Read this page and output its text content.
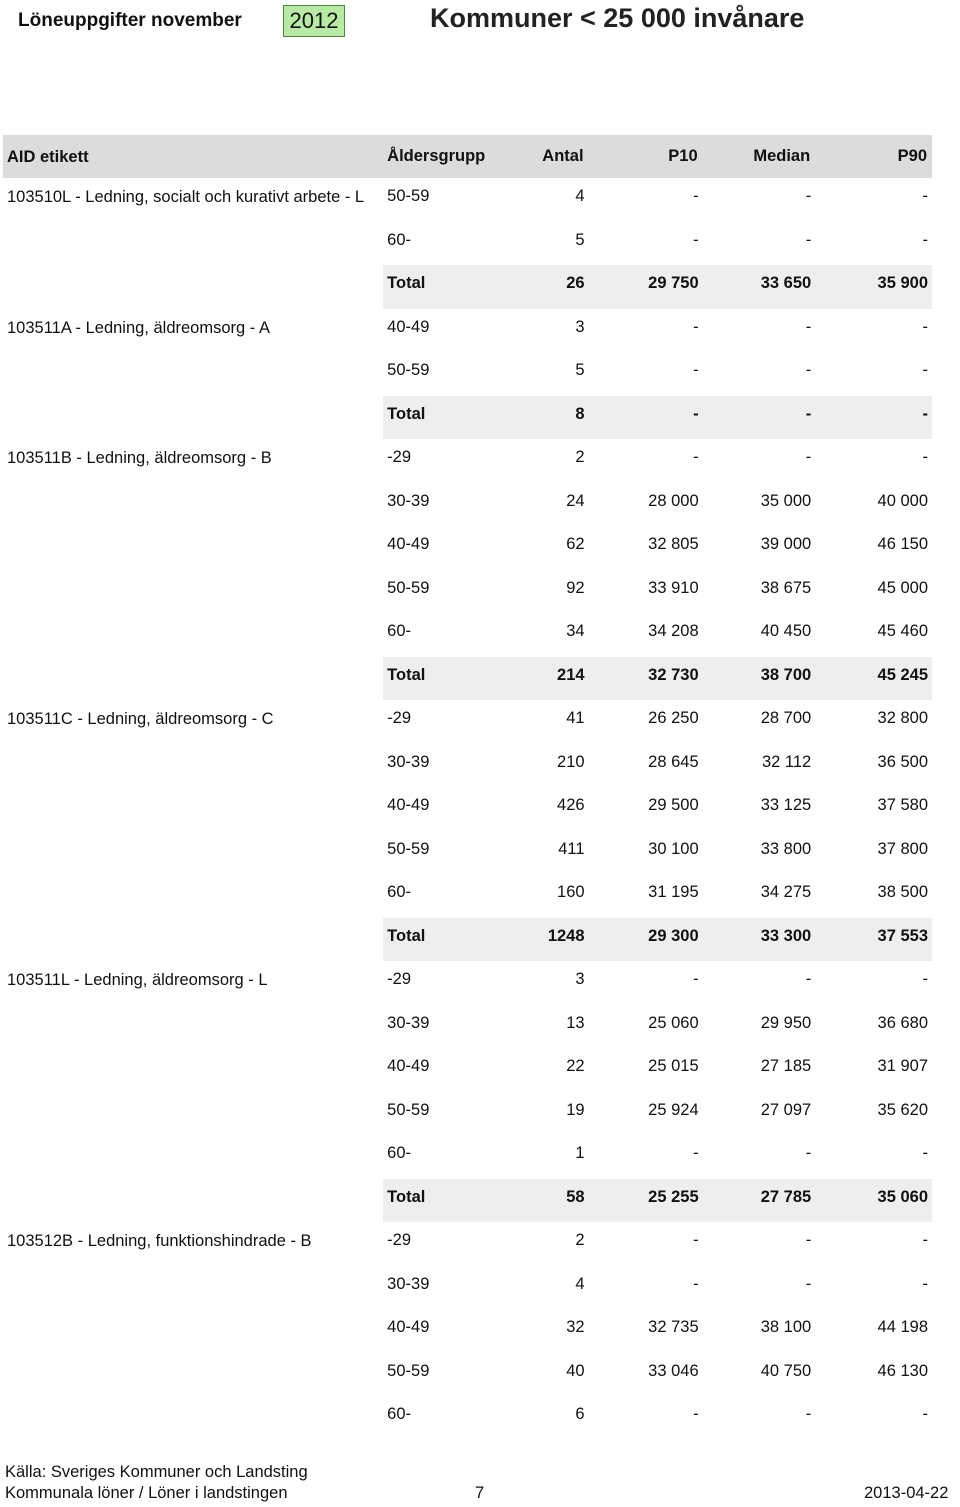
Löneuppgifter november 2012	Kommuner < 25 000 invånare
AID etikett	Åldersgrupp	Antal	P10	Median	P90
103510L - Ledning, socialt och kurativt arbete - L	50-59	4	-	-	-
	60-	5	-	-	-
	Total	26	29 750	33 650	35 900
103511A - Ledning, äldreomsorg - A	40-49	3	-	-	-
	50-59	5	-	-	-
	Total	8	-	-	-
103511B - Ledning, äldreomsorg - B	-29	2	-	-	-
	30-39	24	28 000	35 000	40 000
	40-49	62	32 805	39 000	46 150
	50-59	92	33 910	38 675	45 000
	60-	34	34 208	40 450	45 460
	Total	214	32 730	38 700	45 245
103511C - Ledning, äldreomsorg - C	-29	41	26 250	28 700	32 800
	30-39	210	28 645	32 112	36 500
	40-49	426	29 500	33 125	37 580
	50-59	411	30 100	33 800	37 800
	60-	160	31 195	34 275	38 500
	Total	1248	29 300	33 300	37 553
103511L - Ledning, äldreomsorg - L	-29	3	-	-	-
	30-39	13	25 060	29 950	36 680
	40-49	22	25 015	27 185	31 907
	50-59	19	25 924	27 097	35 620
	60-	1	-	-	-
	Total	58	25 255	27 785	35 060
103512B - Ledning, funktionshindrade - B	-29	2	-	-	-
	30-39	4	-	-	-
	40-49	32	32 735	38 100	44 198
	50-59	40	33 046	40 750	46 130
	60-	6	-	-	-
Källa: Sveriges Kommuner och Landsting
Kommunala löner / Löner i landstingen	7	2013-04-22
